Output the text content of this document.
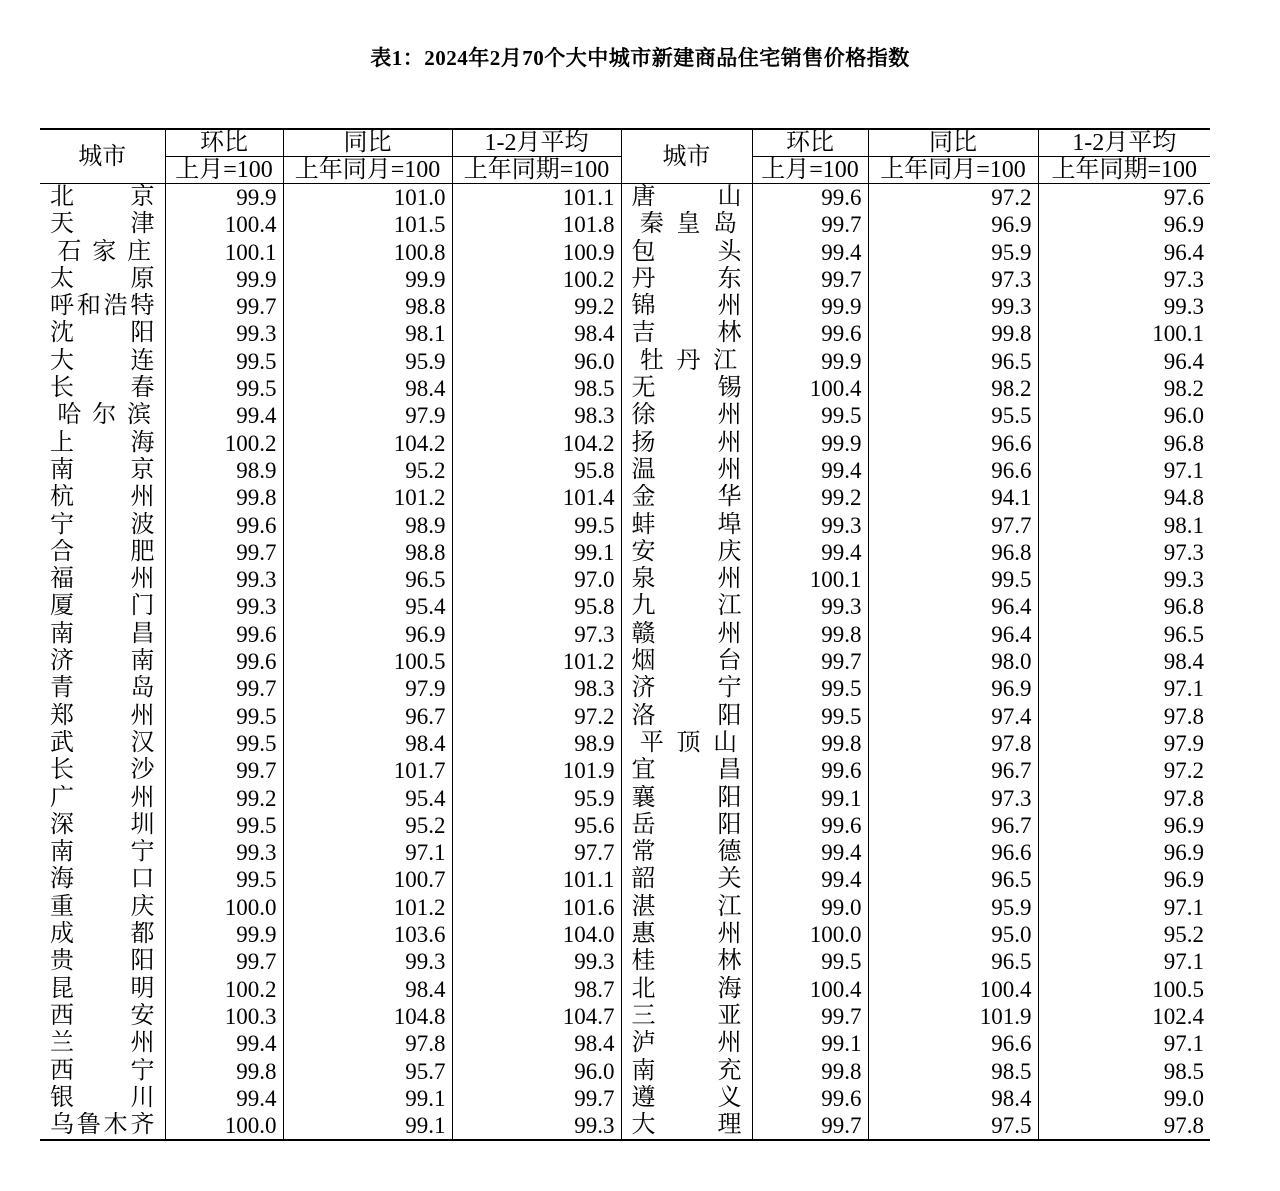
表1：2024年2月70个大中城市新建商品住宅销售价格指数
城市	环比	同比	1-2月平均	城市	环比	同比	1-2月平均
	上月=100	上年同月=100	上年同期=100		上月=100	上年同月=100	上年同期=100

北 京	99.9	101.0	101.1	唐 山	99.6	97.2	97.6

天 津	100.4	101.5	101.8	秦 皇 岛	99.7	96.9	96.9

石 家 庄	100.1	100.8	100.9	包 头	99.4	95.9	96.4

太 原	99.9	99.9	100.2	丹 东	99.7	97.3	97.3

呼 和 浩 特	99.7	98.8	99.2	锦 州	99.9	99.3	99.3

沈 阳	99.3	98.1	98.4	吉 林	99.6	99.8	100.1

大 连	99.5	95.9	96.0	牡 丹 江	99.9	96.5	96.4

长 春	99.5	98.4	98.5	无 锡	100.4	98.2	98.2

哈 尔 滨	99.4	97.9	98.3	徐 州	99.5	95.5	96.0

上 海	100.2	104.2	104.2	扬 州	99.9	96.6	96.8

南 京	98.9	95.2	95.8	温 州	99.4	96.6	97.1

杭 州	99.8	101.2	101.4	金 华	99.2	94.1	94.8

宁 波	99.6	98.9	99.5	蚌 埠	99.3	97.7	98.1

合 肥	99.7	98.8	99.1	安 庆	99.4	96.8	97.3

福 州	99.3	96.5	97.0	泉 州	100.1	99.5	99.3

厦 门	99.3	95.4	95.8	九 江	99.3	96.4	96.8

南 昌	99.6	96.9	97.3	赣 州	99.8	96.4	96.5

济 南	99.6	100.5	101.2	烟 台	99.7	98.0	98.4

青 岛	99.7	97.9	98.3	济 宁	99.5	96.9	97.1

郑 州	99.5	96.7	97.2	洛 阳	99.5	97.4	97.8

武 汉	99.5	98.4	98.9	平 顶 山	99.8	97.8	97.9

长 沙	99.7	101.7	101.9	宜 昌	99.6	96.7	97.2

广 州	99.2	95.4	95.9	襄 阳	99.1	97.3	97.8

深 圳	99.5	95.2	95.6	岳 阳	99.6	96.7	96.9

南 宁	99.3	97.1	97.7	常 德	99.4	96.6	96.9

海 口	99.5	100.7	101.1	韶 关	99.4	96.5	96.9

重 庆	100.0	101.2	101.6	湛 江	99.0	95.9	97.1

成 都	99.9	103.6	104.0	惠 州	100.0	95.0	95.2

贵 阳	99.7	99.3	99.3	桂 林	99.5	96.5	97.1

昆 明	100.2	98.4	98.7	北 海	100.4	100.4	100.5

西 安	100.3	104.8	104.7	三 亚	99.7	101.9	102.4

兰 州	99.4	97.8	98.4	泸 州	99.1	96.6	97.1

西 宁	99.8	95.7	96.0	南 充	99.8	98.5	98.5

银 川	99.4	99.1	99.7	遵 义	99.6	98.4	99.0

乌 鲁 木 齐	100.0	99.1	99.3	大 理	99.7	97.5	97.8
